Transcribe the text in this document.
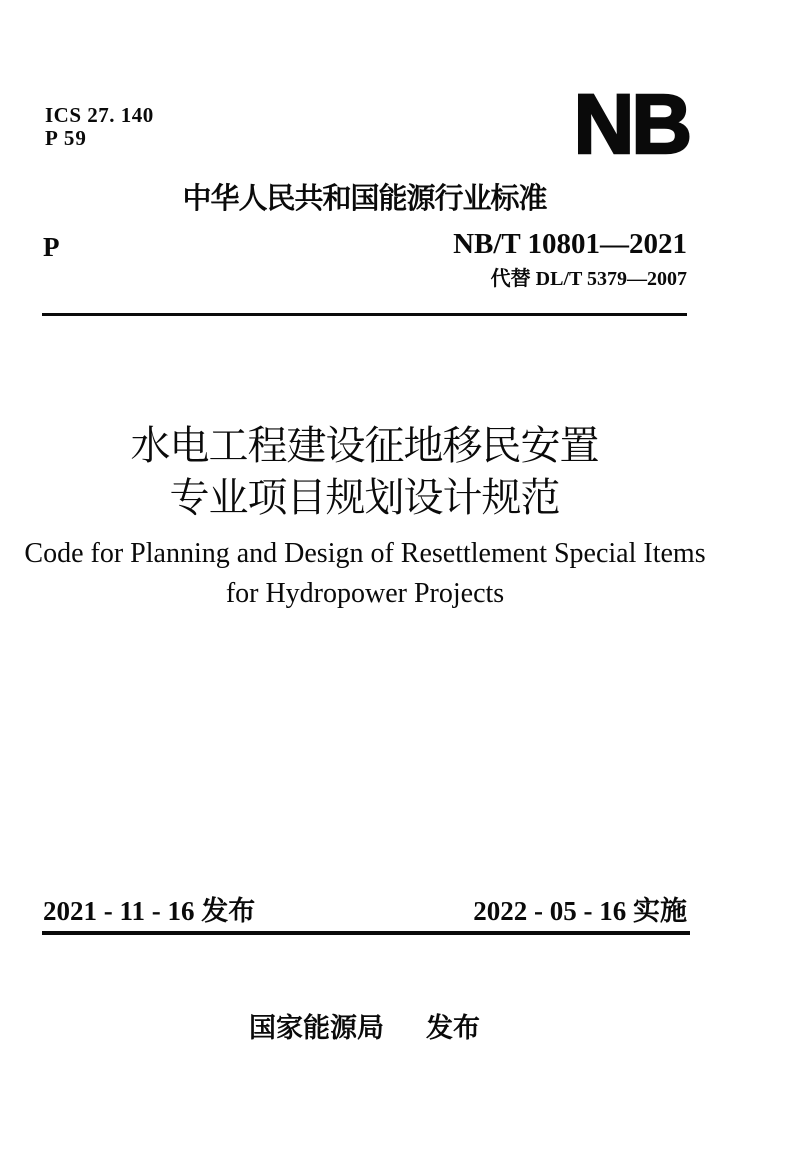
ICS 27. 140
P 59	NB
中华人民共和国能源行业标准
P	NB/T 10801—2021
代替 DL/T 5379—2007
水电工程建设征地移民安置
专业项目规划设计规范
Code for Planning and Design of Resettlement Special Items
for Hydropower Projects
2021 - 11 - 16 发布	2022 - 05 - 16 实施
国家能源局 发布
